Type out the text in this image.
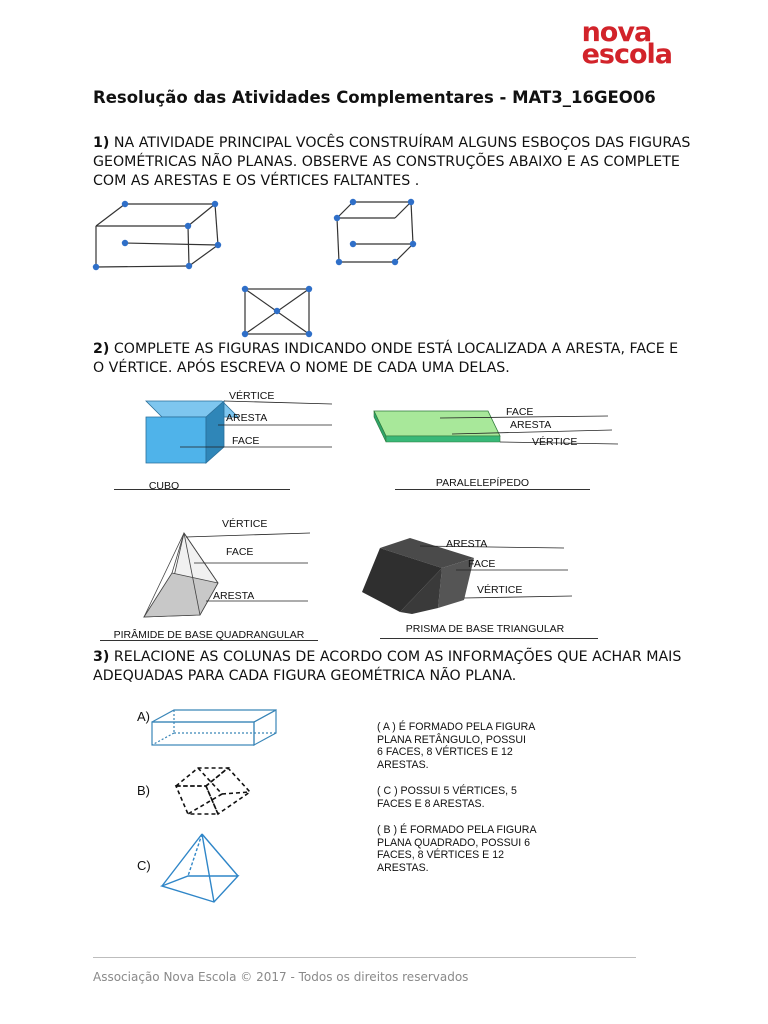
nova
escola
Resolução das Atividades Complementares - MAT3_16GEO06
1) NA ATIVIDADE PRINCIPAL VOCÊS CONSTRUÍRAM ALGUNS ESBOÇOS DAS FIGURAS GEOMÉTRICAS NÃO PLANAS. OBSERVE AS CONSTRUÇÕES ABAIXO E AS COMPLETE COM AS ARESTAS E OS VÉRTICES FALTANTES .
2) COMPLETE AS FIGURAS INDICANDO ONDE ESTÁ LOCALIZADA A ARESTA, FACE E O VÉRTICE. APÓS ESCREVA O NOME DE CADA UMA DELAS.
VÉRTICE
ARESTA
FACE
CUBO
FACE
ARESTA
VÉRTICE
PARALELEPÍPEDO
VÉRTICE
FACE
ARESTA
PIRÂMIDE DE BASE QUADRANGULAR
ARESTA
FACE
VÉRTICE
PRISMA DE BASE TRIANGULAR
3) RELACIONE AS COLUNAS DE ACORDO COM AS INFORMAÇÕES QUE ACHAR MAIS ADEQUADAS PARA CADA FIGURA GEOMÉTRICA NÃO PLANA.
A)
B)
C)
( A ) É FORMADO PELA FIGURA
PLANA RETÂNGULO, POSSUI
6 FACES, 8 VÉRTICES E 12
ARESTAS.
( C ) POSSUI 5 VÉRTICES, 5
FACES E 8 ARESTAS.
( B ) É FORMADO PELA FIGURA
PLANA QUADRADO, POSSUI 6
FACES, 8 VÉRTICES E 12
ARESTAS.
Associação Nova Escola © 2017 - Todos os direitos reservados
